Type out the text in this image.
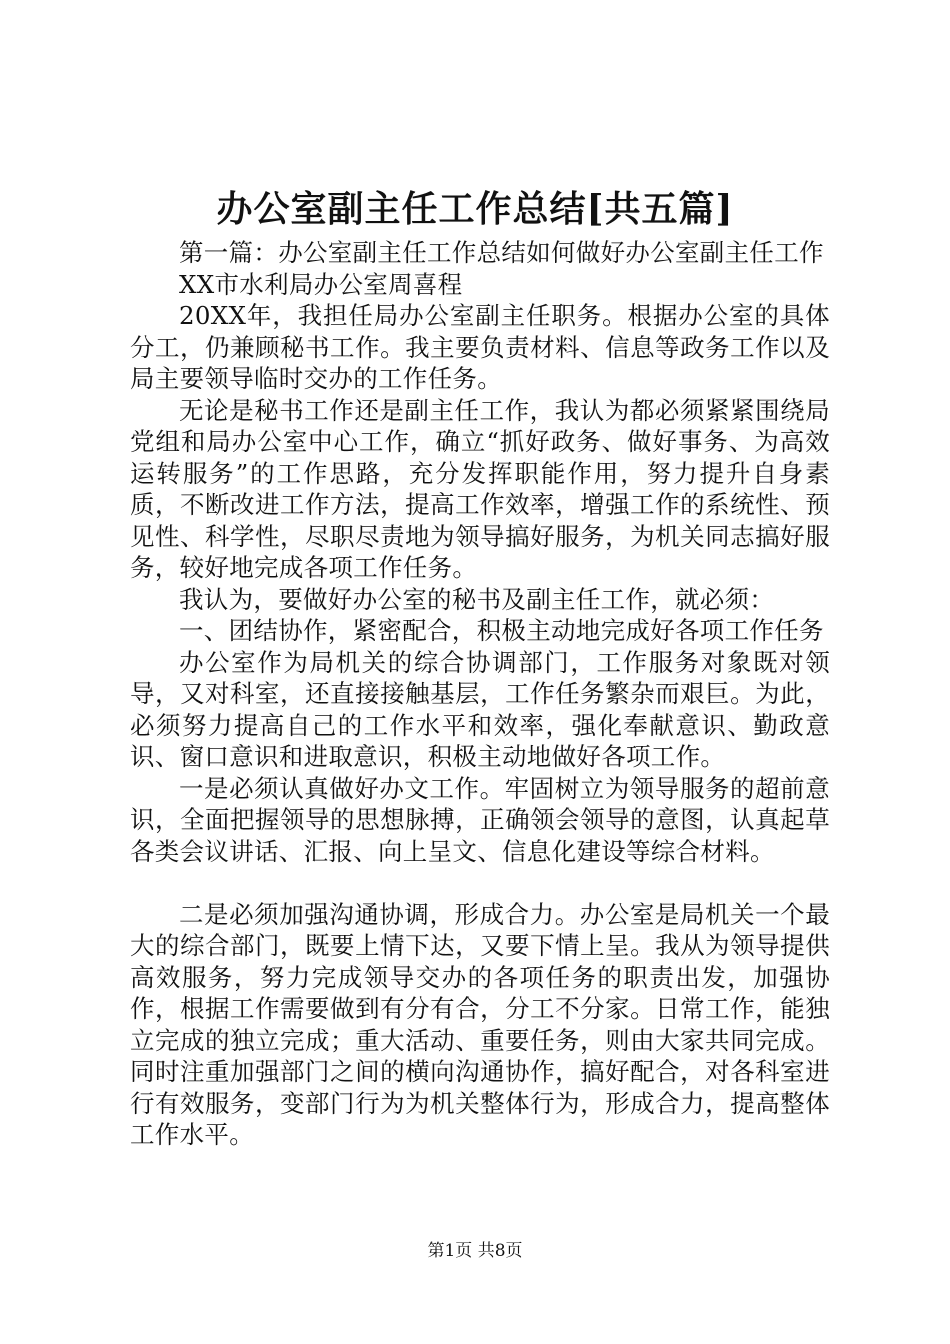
办公室副主任工作总结[共五篇]

第一篇：办公室副主任工作总结如何做好办公室副主任工作

XX市水利局办公室周喜程

20XX年，我担任局办公室副主任职务。根据办公室的具体分工，仍兼顾秘书工作。我主要负责材料、信息等政务工作以及局主要领导临时交办的工作任务。

无论是秘书工作还是副主任工作，我认为都必须紧紧围绕局党组和局办公室中心工作，确立“抓好政务、做好事务、为高效运转服务”的工作思路，充分发挥职能作用，努力提升自身素质，不断改进工作方法，提高工作效率，增强工作的系统性、预见性、科学性，尽职尽责地为领导搞好服务，为机关同志搞好服务，较好地完成各项工作任务。

我认为，要做好办公室的秘书及副主任工作，就必须：

一、团结协作，紧密配合，积极主动地完成好各项工作任务

办公室作为局机关的综合协调部门，工作服务对象既对领导，又对科室，还直接接触基层，工作任务繁杂而艰巨。为此，必须努力提高自己的工作水平和效率，强化奉献意识、勤政意识、窗口意识和进取意识，积极主动地做好各项工作。

一是必须认真做好办文工作。牢固树立为领导服务的超前意识，全面把握领导的思想脉搏，正确领会领导的意图，认真起草各类会议讲话、汇报、向上呈文、信息化建设等综合材料。

二是必须加强沟通协调，形成合力。办公室是局机关一个最大的综合部门，既要上情下达，又要下情上呈。我从为领导提供高效服务，努力完成领导交办的各项任务的职责出发，加强协作，根据工作需要做到有分有合，分工不分家。日常工作，能独立完成的独立完成；重大活动、重要任务，则由大家共同完成。同时注重加强部门之间的横向沟通协作，搞好配合，对各科室进行有效服务，变部门行为为机关整体行为，形成合力，提高整体工作水平。

第1页 共8页
